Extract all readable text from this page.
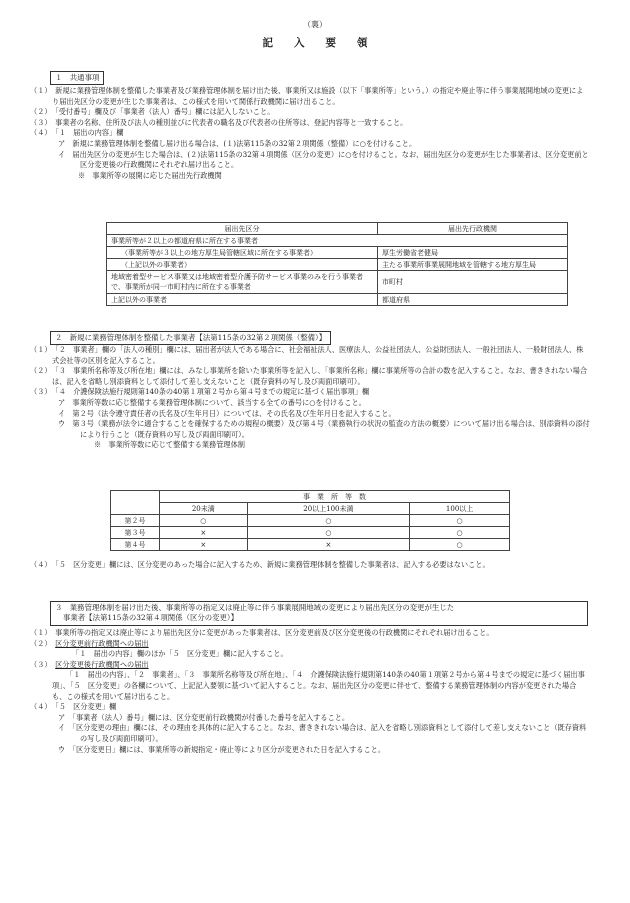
（裏）
記　　入　　要　　領
１　共通事項

（１）　新規に業務管理体制を整備した事業者及び業務管理体制を届け出た後、事業所又は施設（以下「事業所等」という。）の指定や廃止等に伴う事業展開地域の変更により届出先区分の変更が生じた事業者は、この様式を用いて関係行政機関に届け出ること。

（２）　「受付番号」欄及び「事業者（法人）番号」欄には記入しないこと。

（３）　事業者の名称、住所及び法人の種別並びに代表者の職名及び代表者の住所等は、登記内容等と一致すること。

（４）　「１　届出の内容」欄

ア　新規に業務管理体制を整備し届け出る場合は、(１)法第115条の32第２項関係（整備）に○を付けること。

イ　届出先区分の変更が生じた場合は、(２)法第115条の32第４項関係（区分の変更）に○を付けること。なお、届出先区分の変更が生じた事業者は、区分変更前と区分変更後の行政機関にそれぞれ届け出ること。

※　事業所等の展開に応じた届出先行政機関

届出先区分	届出先行政機関
事業所等が２以上の都道府県に所在する事業者	
（事業所等が３以上の地方厚生局管轄区域に所在する事業者）	厚生労働省老健局
（上記以外の事業者）	主たる事業所事業展開地域を管轄する地方厚生局
地域密着型サービス事業又は地域密着型介護予防サービス事業のみを行う事業者で、事業所が同一市町村内に所在する事業者	市町村
上記以外の事業者	都道府県
２　新規に業務管理体制を整備した事業者【法第115条の32第２項関係（整備）】

（１）　「２　事業者」欄の「法人の種別」欄には、届出者が法人である場合に、社会福祉法人、医療法人、公益社団法人、公益財団法人、一般社団法人、一般財団法人、株式会社等の区別を記入すること。

（２）　「３　事業所名称等及び所在地」欄には、みなし事業所を除いた事業所等を記入し、「事業所名称」欄に事業所等の合計の数を記入すること。なお、書ききれない場合は、記入を省略し別添資料として添付して差し支えないこと（既存資料の写し及び両面印刷可）。

（３）　「４　介護保険法施行規則第140条の40第１項第２号から第４号までの規定に基づく届出事項」欄

ア　事業所等数に応じ整備する業務管理体制について、該当する全ての番号に○を付けること。

イ　第２号（法令遵守責任者の氏名及び生年月日）については、その氏名及び生年月日を記入すること。

ウ　第３号（業務が法令に適合することを確保するための規程の概要）及び第４号（業務執行の状況の監査の方法の概要）について届け出る場合は、別添資料の添付により行うこと（既存資料の写し及び両面印刷可）。

※　事業所等数に応じて整備する業務管理体制

	事　業　所　等　数		
	20未満	20以上100未満	100以上
第２号	○	○	○
第３号	×	○	○
第４号	×	×	○

（４）　「５　区分変更」欄には、区分変更のあった場合に記入するため、新規に業務管理体制を整備した事業者は、記入する必要はないこと。

３　業務管理体制を届け出た後、事業所等の指定又は廃止等に伴う事業展開地域の変更により届出先区分の変更が生じた
事業者【法第115条の32第４項関係（区分の変更）】

（１）　事業所等の指定又は廃止等により届出先区分に変更があった事業者は、区分変更前及び区分変更後の行政機関にそれぞれ届け出ること。

（２）　区分変更前行政機関への届出

「１　届出の内容」欄のほか「５　区分変更」欄に記入すること。

（３）　区分変更後行政機関への届出

「１　届出の内容」、「２　事業者」、「３　事業所名称等及び所在地」、「４　介護保険法施行規則第140条の40第１項第２号から第４号までの規定に基づく届出事項」、「５　区分変更」の各欄について、上記記入要領に基づいて記入すること。なお、届出先区分の変更に伴せて、整備する業務管理体制の内容が変更された場合も、この様式を用いて届け出ること。

（４）　「５　区分変更」欄

ア　「事業者（法人）番号」欄には、区分変更前行政機関が付番した番号を記入すること。

イ　「区分変更の理由」欄には、その理由を具体的に記入すること。なお、書ききれない場合は、記入を省略し別添資料として添付して差し支えないこと（既存資料の写し及び両面印刷可）。

ウ　「区分変更日」欄には、事業所等の新規指定・廃止等により区分が変更された日を記入すること。
